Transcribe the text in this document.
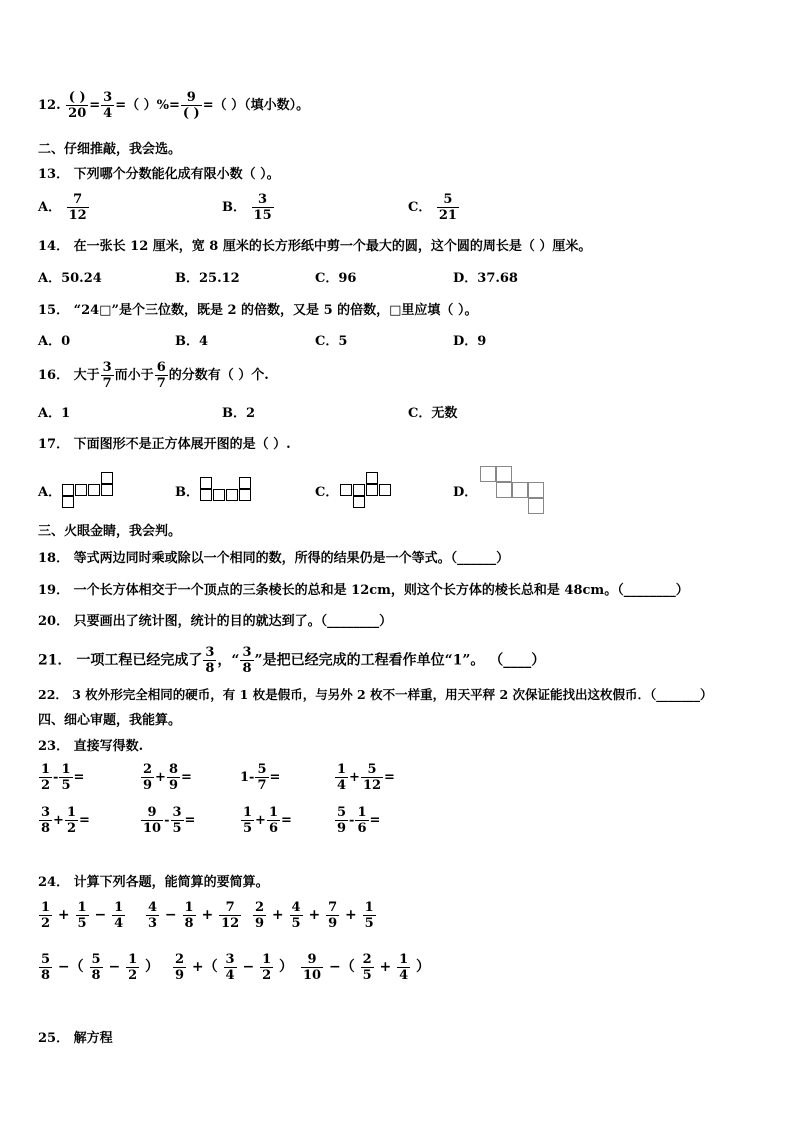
12.
( )
20
= $\frac{3}{4}$ =（ ）%=
9
( )
=（ ）（填小数）。
二、仔细推敲，我会选。
13． 下列哪个分数能化成有限小数（ ）。
A． $\frac{7}{12}$	B． $\frac{3}{15}$	C． $\frac{5}{21}$
14． 在一张长 12 厘米，宽 8 厘米的长方形纸中剪一个最大的圆，这个圆的周长是（ ）厘米。
A．50.24	B．25.12	C．96	D．37.68
15． “24□”是个三位数，既是 2 的倍数，又是 5 的倍数，□里应填（ ）。
A．0	B．4	C．5	D．9
16． 大于 $\frac{3}{7}$ 而小于 $\frac{6}{7}$ 的分数有（ ）个.
A．1	B．2	C．无数
17． 下面图形不是正方体展开图的是（ ）.
A．	B．	C．	D．
三、火眼金睛，我会判。
18． 等式两边同时乘或除以一个相同的数，所得的结果仍是一个等式。（______）
19． 一个长方体相交于一个顶点的三条棱长的总和是 12cm，则这个长方体的棱长总和是 48cm。（________）
20． 只要画出了统计图，统计的目的就达到了。（________）
21． 一项工程已经完成了 $\frac{3}{8}$ ，“ $\frac{3}{8}$ ”是把已经完成的工程看作单位“1”。 （____）
22． 3 枚外形完全相同的硬币，有 1 枚是假币，与另外 2 枚不一样重，用天平秤 2 次保证能找出这枚假币．（_______）
四、细心审题，我能算。
23． 直接写得数.
$\frac{1}{2} - \frac{1}{5}$ =	$\frac{2}{9} + \frac{8}{9}$ =	$1- \frac{5}{7}$ =	$\frac{1}{4} + \frac{5}{12}$ =
$\frac{3}{8} + \frac{1}{2}$ =	$\frac{9}{10} - \frac{3}{5}$ =	$\frac{1}{5} + \frac{1}{6}$ =	$\frac{5}{9} - \frac{1}{6}$ =
24． 计算下列各题，能简算的要简算。
$\frac{1}{2} + \frac{1}{5} - \frac{1}{4} \frac{4}{3} - \frac{1}{8} + \frac{7}{12} \frac{2}{9} + \frac{4}{5} + \frac{7}{9} + \frac{1}{5}$
$\frac{5}{8}$ −（ $\frac{5}{8} - \frac{1}{2}$ ） $\frac{2}{9}$ +（ $\frac{3}{4} - \frac{1}{2}$ ） $\frac{9}{10}$ −（ $\frac{2}{5} + \frac{1}{4}$ ）
25． 解方程
